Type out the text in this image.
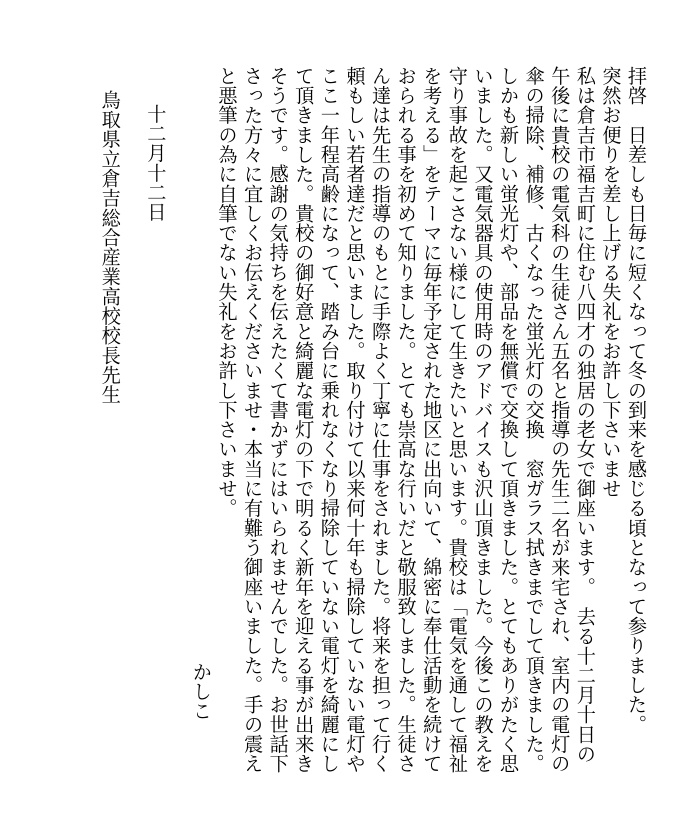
拝啓　日差しも日毎に短くなって冬の到来を感じる頃となって参りました。
突然お便りを差し上げる失礼をお許し下さいませ
私は倉吉市福吉町に住む八四才の独居の老女で御座います。　去る十二月十日の
午後に貴校の電気科の生徒さん五名と指導の先生二名が来宅され、室内の電灯の
傘の掃除、補修、古くなった蛍光灯の交換　窓ガラス拭きまでして頂きました。
しかも新しい蛍光灯や、部品を無償で交換して頂きました。とてもありがたく思
いました。又電気器具の使用時のアドバイスも沢山頂きました。今後この教えを
守り事故を起こさない様にして生きたいと思います。貴校は「電気を通して福祉
を考える」をテーマに毎年予定された地区に出向いて、綿密に奉仕活動を続けて
おられる事を初めて知りました。とても崇高な行いだと敬服致しました。生徒さ
ん達は先生の指導のもとに手際よく丁寧に仕事をされました。将来を担って行く
頼もしい若者達だと思いました。取り付けて以来何十年も掃除していない電灯や
ここ一年程高齢になって、踏み台に乗れなくなり掃除していない電灯を綺麗にし
て頂きました。貴校の御好意と綺麗な電灯の下で明るく新年を迎える事が出来き
そうです。感謝の気持ちを伝えたくて書かずにはいられませんでした。お世話下
さった方々に宜しくお伝えくださいませ・本当に有難う御座いました。手の震え
と悪筆の為に自筆でない失礼をお許し下さいませ。
かしこ
十二月十二日
鳥取県立倉吉総合産業高校校長先生
